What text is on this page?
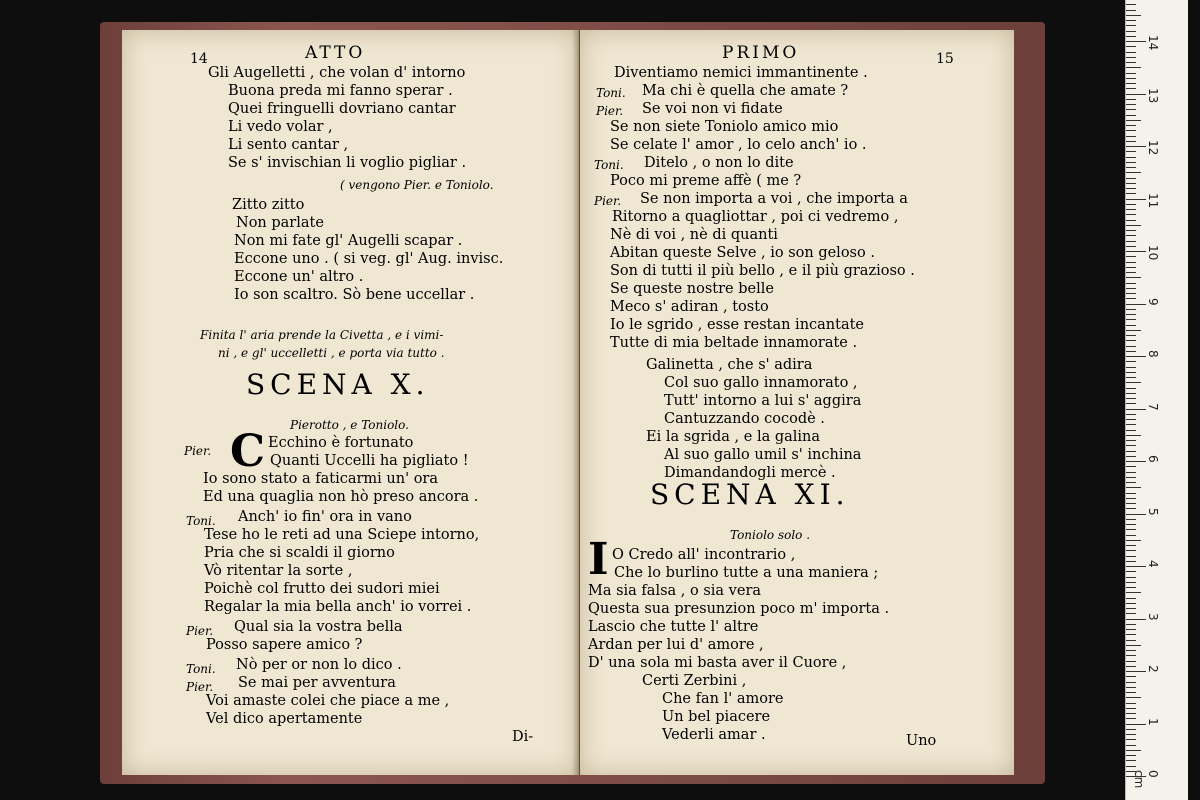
14	ATTO
Gli Augelletti , che volan d' intorno
Buona preda mi fanno sperar .
Quei fringuelli dovriano cantar
Li vedo volar ,
Li sento cantar ,
Se s' invischian li voglio pigliar .
( vengono Pier. e Toniolo.
Zitto zitto
Non parlate
Non mi fate gl' Augelli scapar .
Eccone uno . ( si veg. gl' Aug. invisc.
Eccone un' altro .
Io son scaltro. Sò bene uccellar .
Finita l' aria prende la Civetta , e i vimi-
ni , e gl' uccelletti , e porta via tutto .
SCENA X.
Pierotto , e Toniolo.
C
Pier.	Ecchino è fortunato
Quanti Uccelli ha pigliato !
Io sono stato a faticarmi un' ora
Ed una quaglia non hò preso ancora .
Toni. Anch' io fin' ora in vano
Tese ho le reti ad una Sciepe intorno,
Pria che si scaldi il giorno
Vò ritentar la sorte ,
Poichè col frutto dei sudori miei
Regalar la mia bella anch' io vorrei .
Pier. Qual sia la vostra bella
Posso sapere amico ?
Toni. Nò per or non lo dico .
Pier. Se mai per avventura
Voi amaste colei che piace a me ,
Vel dico apertamente
Di-
PRIMO	15
Diventiamo nemici immantinente .
Toni. Ma chi è quella che amate ?
Pier. Se voi non vi fidate
Se non siete Toniolo amico mio
Se celate l' amor , lo celo anch' io .
Toni. Ditelo , o non lo dite
Poco mi preme affè ( me ?
Pier. Se non importa a voi , che importa a
Ritorno a quagliottar , poi ci vedremo ,
Nè di voi , nè di quanti
Abitan queste Selve , io son geloso .
Son di tutti il più bello , e il più grazioso .
Se queste nostre belle
Meco s' adiran , tosto
Io le sgrido , esse restan incantate
Tutte di mia beltade innamorate .
Galinetta , che s' adira
Col suo gallo innamorato ,
Tutt' intorno a lui s' aggira
Cantuzzando cocodè .
Ei la sgrida , e la galina
Al suo gallo umil s' inchina
Dimandandogli mercè .
SCENA XI.
Toniolo solo .
I O Credo all' incontrario ,
Che lo burlino tutte a una maniera ;
Ma sia falsa , o sia vera
Questa sua presunzion poco m' importa .
Lascio che tutte l' altre
Ardan per lui d' amore ,
D' una sola mi basta aver il Cuore ,
Certi Zerbini ,
Che fan l' amore
Un bel piacere
Vederli amar .	Uno
0 cm
1
2
3
4
5
6
7
8
9
10
11
12
13
14
